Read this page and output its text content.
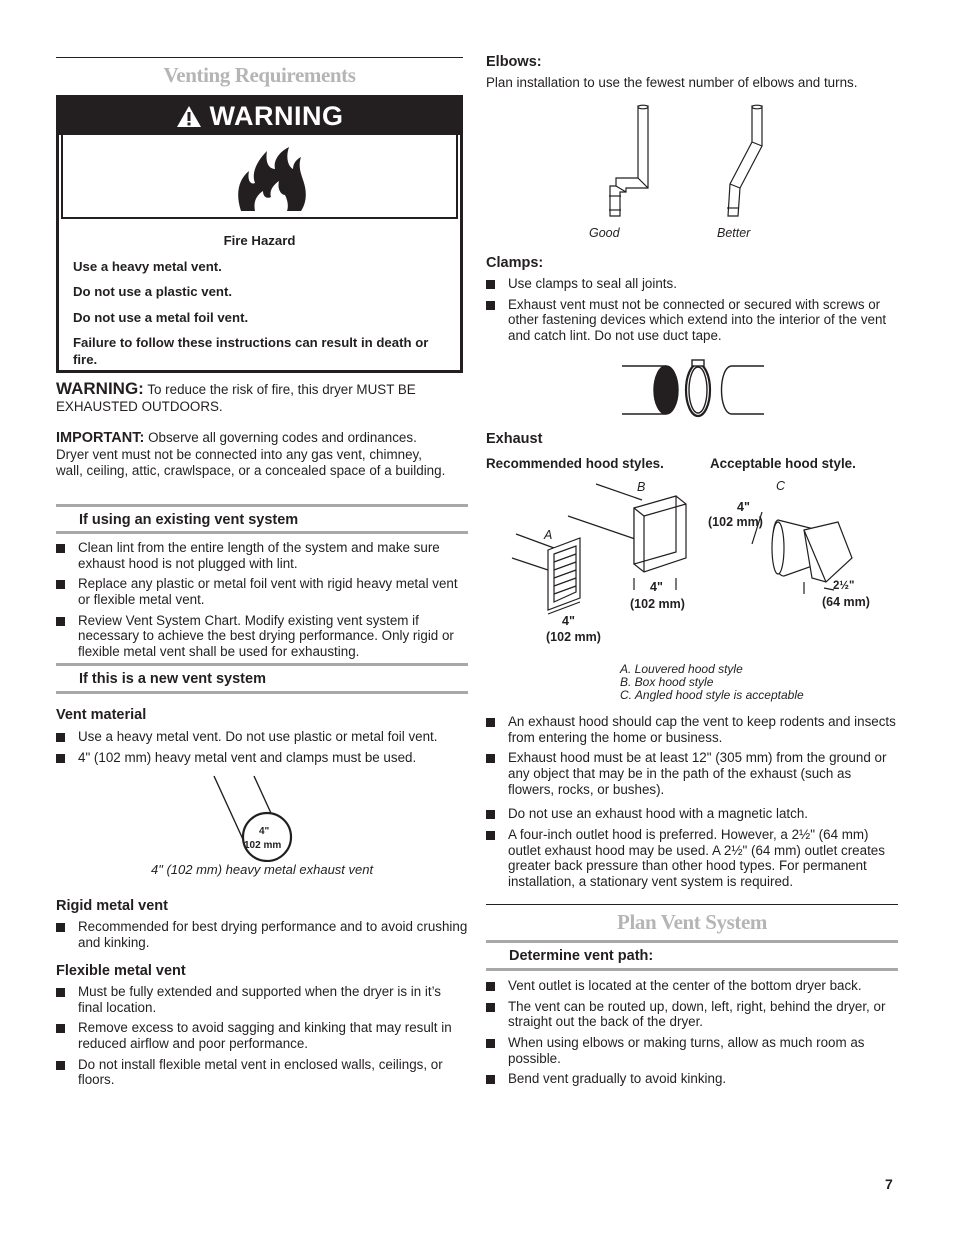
Venting Requirements
WARNING

Fire Hazard

Use a heavy metal vent.

Do not use a plastic vent.

Do not use a metal foil vent.

Failure to follow these instructions can result in death or fire.

WARNING: To reduce the risk of fire, this dryer MUST BE EXHAUSTED OUTDOORS.
IMPORTANT: Observe all governing codes and ordinances. Dryer vent must not be connected into any gas vent, chimney, wall, ceiling, attic, crawlspace, or a concealed space of a building.
If using an existing vent system
Clean lint from the entire length of the system and make sure exhaust hood is not plugged with lint.
Replace any plastic or metal foil vent with rigid heavy metal vent or flexible metal vent.
Review Vent System Chart. Modify existing vent system if necessary to achieve the best drying performance. Only rigid or flexible metal vent shall be used for exhausting.
If this is a new vent system
Vent material
Use a heavy metal vent. Do not use plastic or metal foil vent.
4" (102 mm) heavy metal vent and clamps must be used.
4"
102 mm
4" (102 mm) heavy metal exhaust vent
Rigid metal vent
Recommended for best drying performance and to avoid crushing and kinking.
Flexible metal vent
Must be fully extended and supported when the dryer is in it’s final location.
Remove excess to avoid sagging and kinking that may result in reduced airflow and poor performance.
Do not install flexible metal vent in enclosed walls, ceilings, or floors.
Elbows:
Plan installation to use the fewest number of elbows and turns.
Good	Better
Clamps:
Use clamps to seal all joints.
Exhaust vent must not be connected or secured with screws or other fastening devices which extend into the interior of the vent and catch lint. Do not use duct tape.
Exhaust
Recommended hood styles.	Acceptable hood style.
A
B	C
4"
(102 mm)
4"
(102 mm)
4"
(102 mm)
2½"
(64 mm)
A. Louvered hood style
B. Box hood style
C. Angled hood style is acceptable
An exhaust hood should cap the vent to keep rodents and insects from entering the home or business.
Exhaust hood must be at least 12" (305 mm) from the ground or any object that may be in the path of the exhaust (such as flowers, rocks, or bushes).
Do not use an exhaust hood with a magnetic latch.
A four-inch outlet hood is preferred. However, a 2½" (64 mm) outlet exhaust hood may be used. A 2½" (64 mm) outlet creates greater back pressure than other hood types. For permanent installation, a stationary vent system is required.
Plan Vent System
Determine vent path:
Vent outlet is located at the center of the bottom dryer back.
The vent can be routed up, down, left, right, behind the dryer, or straight out the back of the dryer.
When using elbows or making turns, allow as much room as possible.
Bend vent gradually to avoid kinking.
7
